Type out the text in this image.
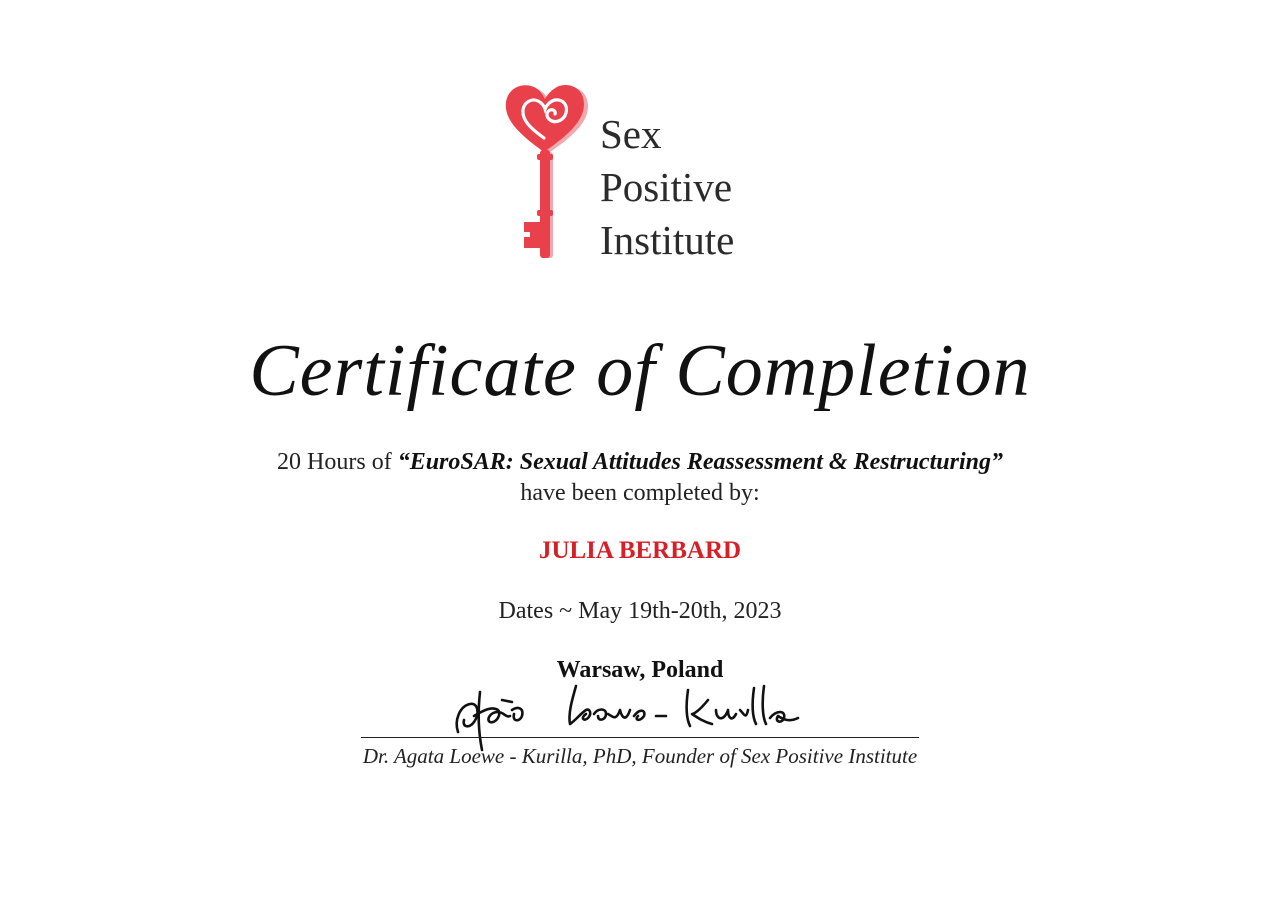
Sex
Positive
Institute
Certificate of Completion
20 Hours of “EuroSAR: Sexual Attitudes Reassessment & Restructuring”
have been completed by:
JULIA BERBARD
Dates ~ May 19th-20th, 2023
Warsaw, Poland
Dr. Agata Loewe - Kurilla, PhD, Founder of Sex Positive Institute
